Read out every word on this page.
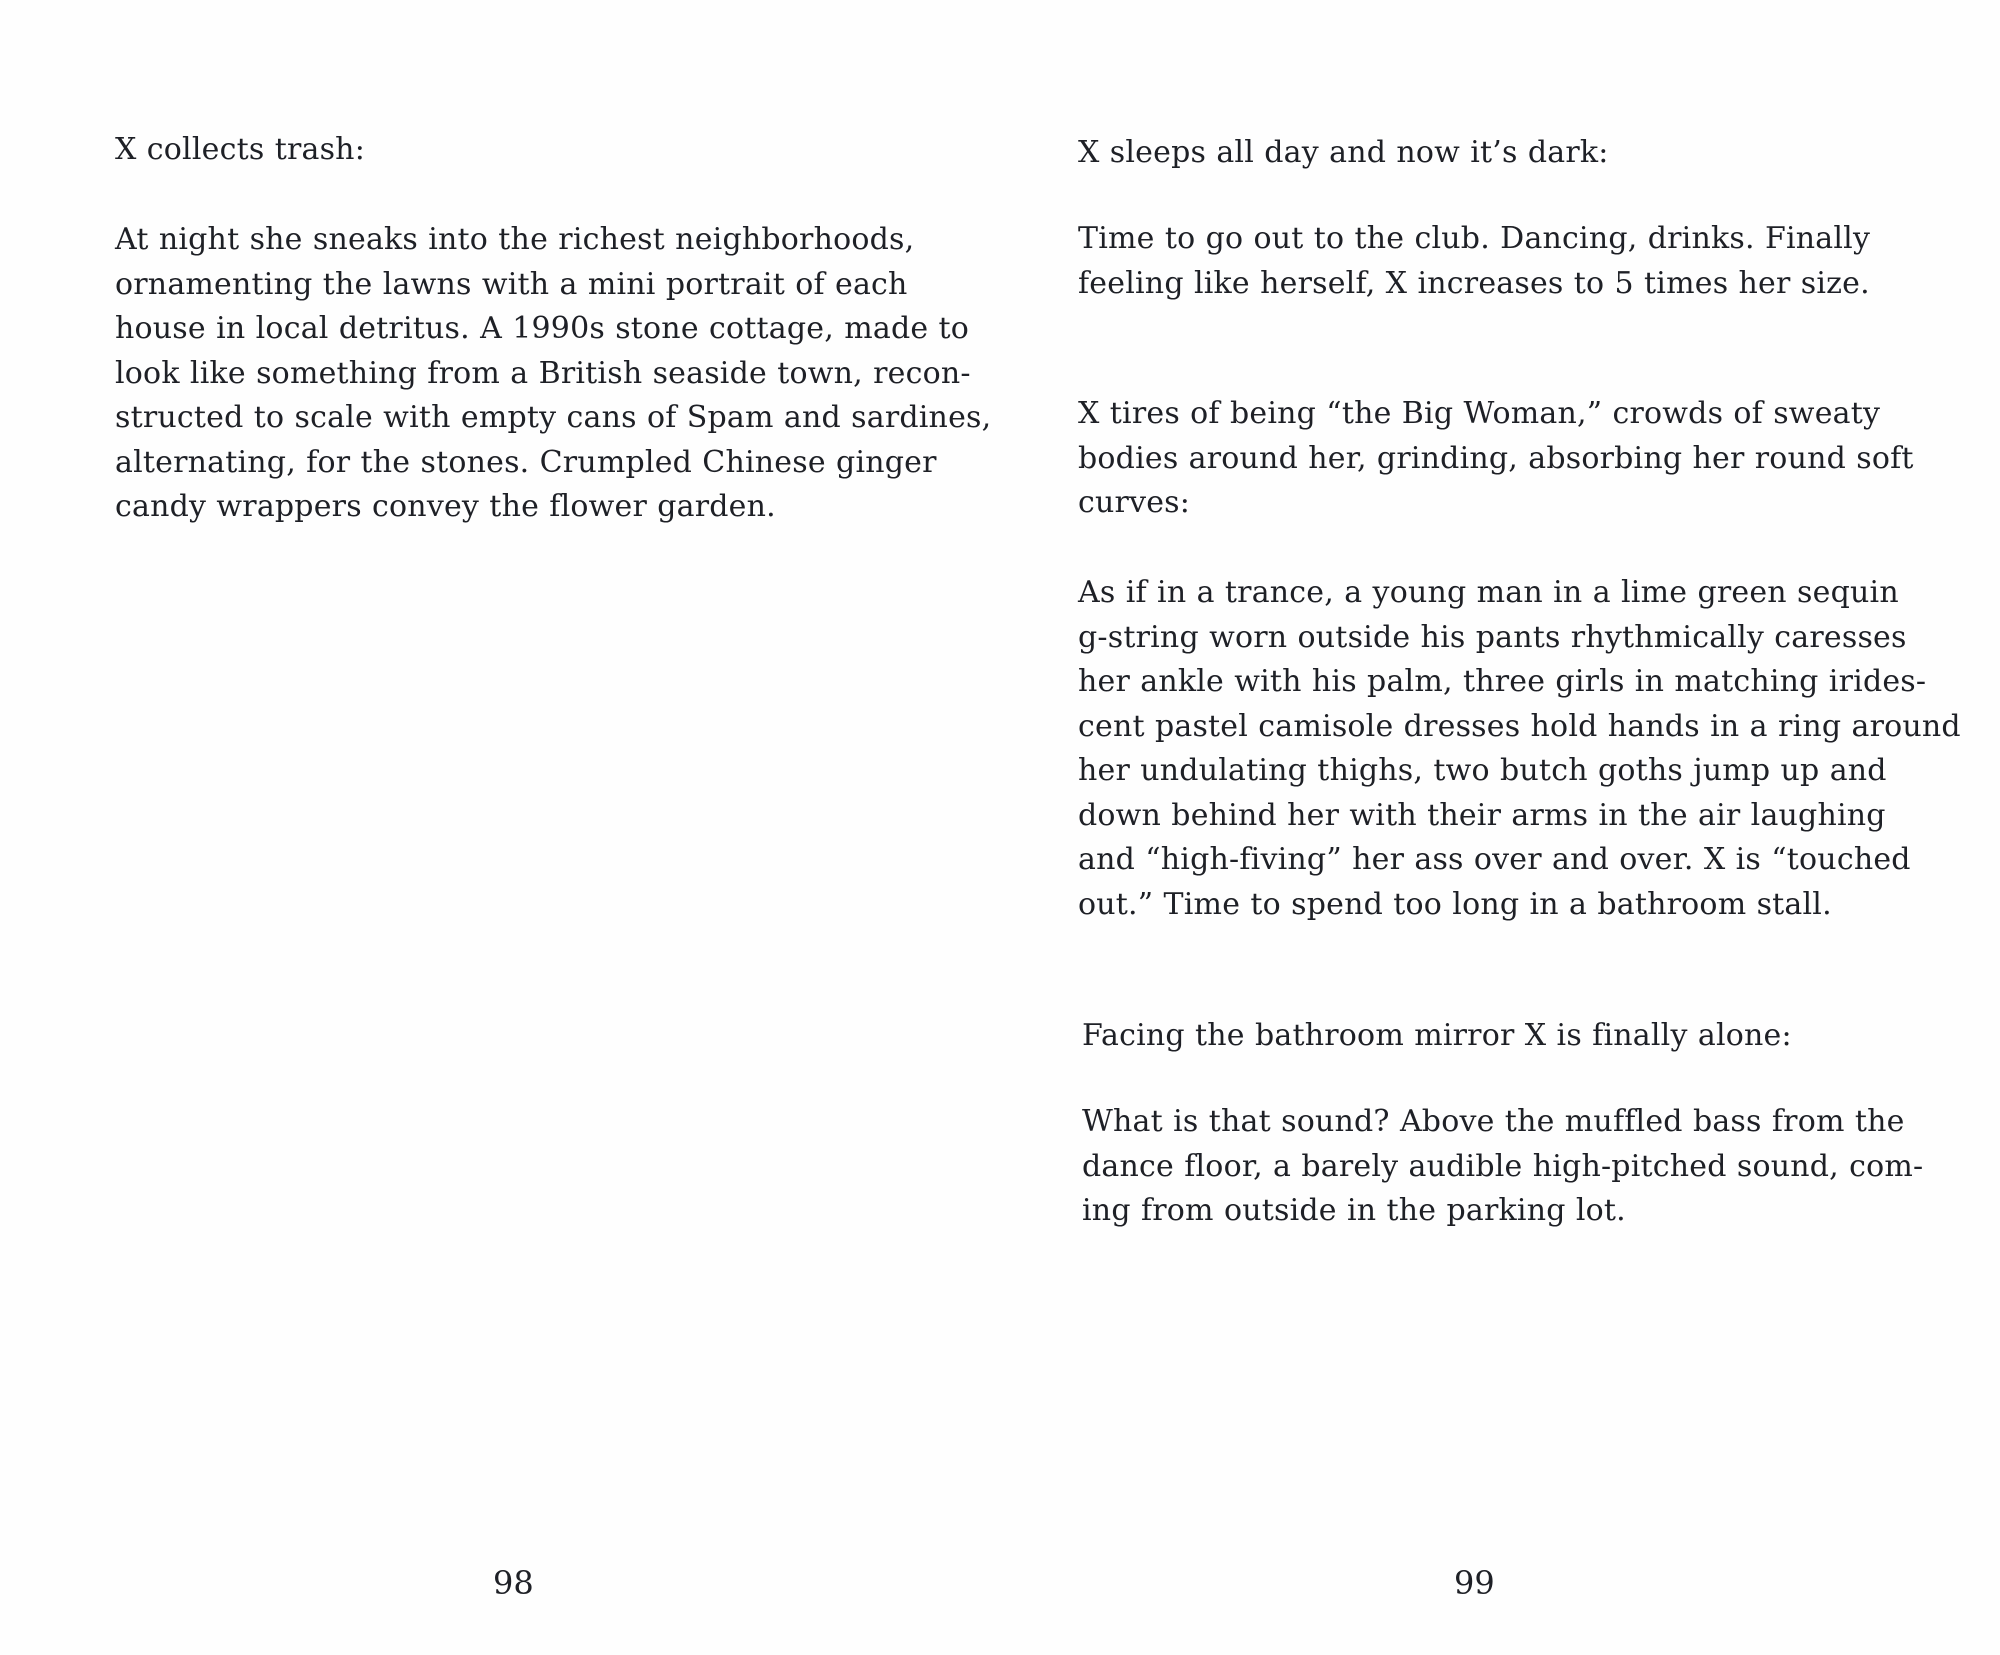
X collects trash:

At night she sneaks into the richest neighborhoods,
ornamenting the lawns with a mini portrait of each
house in local detritus. A 1990s stone cottage, made to
look like something from a British seaside town, recon-
structed to scale with empty cans of Spam and sardines,
alternating, for the stones. Crumpled Chinese ginger
candy wrappers convey the flower garden.

98

X sleeps all day and now it’s dark:

Time to go out to the club. Dancing, drinks. Finally
feeling like herself, X increases to 5 times her size.

X tires of being “the Big Woman,” crowds of sweaty
bodies around her, grinding, absorbing her round soft
curves:

As if in a trance, a young man in a lime green sequin
g-string worn outside his pants rhythmically caresses
her ankle with his palm, three girls in matching irides-
cent pastel camisole dresses hold hands in a ring around
her undulating thighs, two butch goths jump up and
down behind her with their arms in the air laughing
and “high-fiving” her ass over and over. X is “touched
out.” Time to spend too long in a bathroom stall.

Facing the bathroom mirror X is finally alone:

What is that sound? Above the muffled bass from the
dance floor, a barely audible high-pitched sound, com-
ing from outside in the parking lot.

99
